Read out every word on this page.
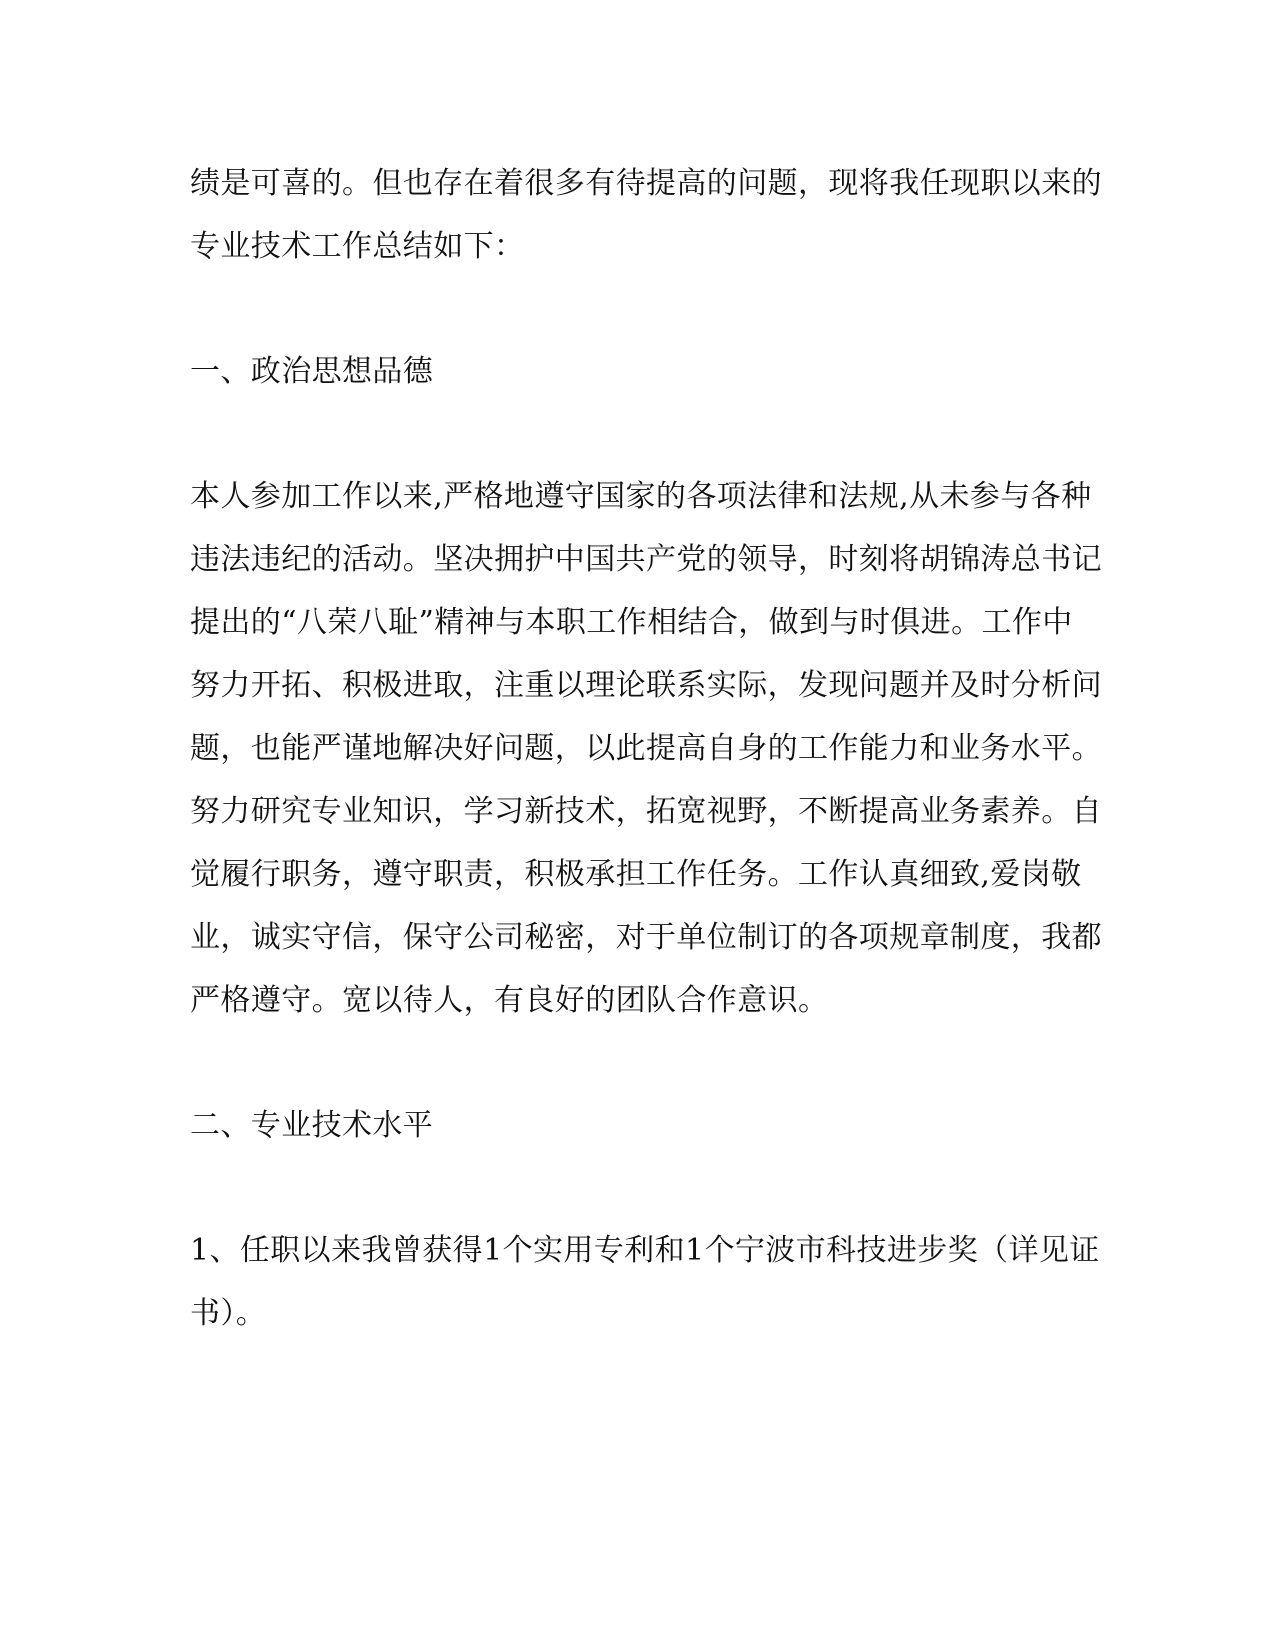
绩是可喜的。但也存在着很多有待提高的问题，现将我任现职以来的
专业技术工作总结如下：
一、政治思想品德
本人参加工作以来,严格地遵守国家的各项法律和法规,从未参与各种
违法违纪的活动。坚决拥护中国共产党的领导，时刻将胡锦涛总书记
提出的“八荣八耻”精神与本职工作相结合，做到与时俱进。工作中
努力开拓、积极进取，注重以理论联系实际，发现问题并及时分析问
题，也能严谨地解决好问题，以此提高自身的工作能力和业务水平。
努力研究专业知识，学习新技术，拓宽视野，不断提高业务素养。自
觉履行职务，遵守职责，积极承担工作任务。工作认真细致,爱岗敬
业，诚实守信，保守公司秘密，对于单位制订的各项规章制度，我都
严格遵守。宽以待人，有良好的团队合作意识。
二、专业技术水平
1、任职以来我曾获得1个实用专利和1个宁波市科技进步奖（详见证
书）。
